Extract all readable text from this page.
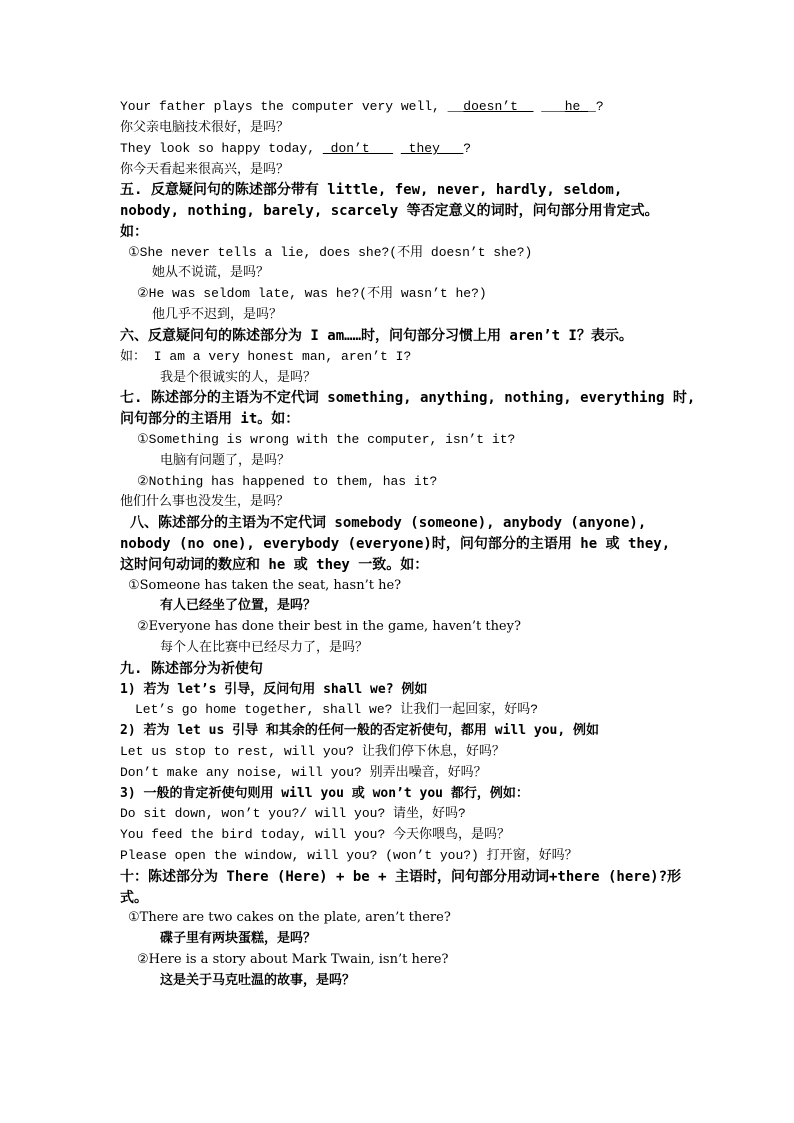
Your father plays the computer very well, __doesn’t__ ___he__?
你父亲电脑技术很好，是吗？
They look so happy today, _don’t___ _they___?
你今天看起来很高兴，是吗？
五. 反意疑问句的陈述部分带有 little, few, never, hardly, seldom,
nobody, nothing, barely, scarcely 等否定意义的词时，问句部分用肯定式。
如：
①She never tells a lie, does she?(不用 doesn’t she?)
她从不说谎，是吗？
②He was seldom late, was he?(不用 wasn’t he?)
他几乎不迟到，是吗？
六、反意疑问句的陈述部分为 I am……时，问句部分习惯上用 aren’t I？表示。
如： I am a very honest man, aren’t I?
我是个很诚实的人，是吗？
七. 陈述部分的主语为不定代词 something, anything, nothing, everything 时,
问句部分的主语用 it。如：
①Something is wrong with the computer, isn’t it?
电脑有问题了，是吗？
②Nothing has happened to them, has it?
他们什么事也没发生，是吗？
八、陈述部分的主语为不定代词 somebody (someone), anybody (anyone),
nobody (no one), everybody (everyone)时，问句部分的主语用 he 或 they,
这时问句动词的数应和 he 或 they 一致。如：
①Someone has taken the seat, hasn’t he?
有人已经坐了位置，是吗？
②Everyone has done their best in the game, haven’t they?
每个人在比赛中已经尽力了，是吗？
九. 陈述部分为祈使句
1) 若为 let’s 引导，反问句用 shall we? 例如
Let’s go home together, shall we? 让我们一起回家，好吗?
2) 若为 let us 引导 和其余的任何一般的否定祈使句，都用 will you, 例如
Let us stop to rest, will you? 让我们停下休息，好吗？
Don’t make any noise, will you? 别弄出噪音，好吗？
3) 一般的肯定祈使句则用 will you 或 won’t you 都行，例如：
Do sit down, won’t you?/ will you? 请坐，好吗?
You feed the bird today, will you? 今天你喂鸟，是吗？
Please open the window, will you? (won’t you?) 打开窗，好吗？
十：陈述部分为 There (Here) + be + 主语时，问句部分用动词+there (here)?形
式。
①There are two cakes on the plate, aren’t there?
碟子里有两块蛋糕，是吗？
②Here is a story about Mark Twain, isn’t here?
这是关于马克吐温的故事，是吗？
